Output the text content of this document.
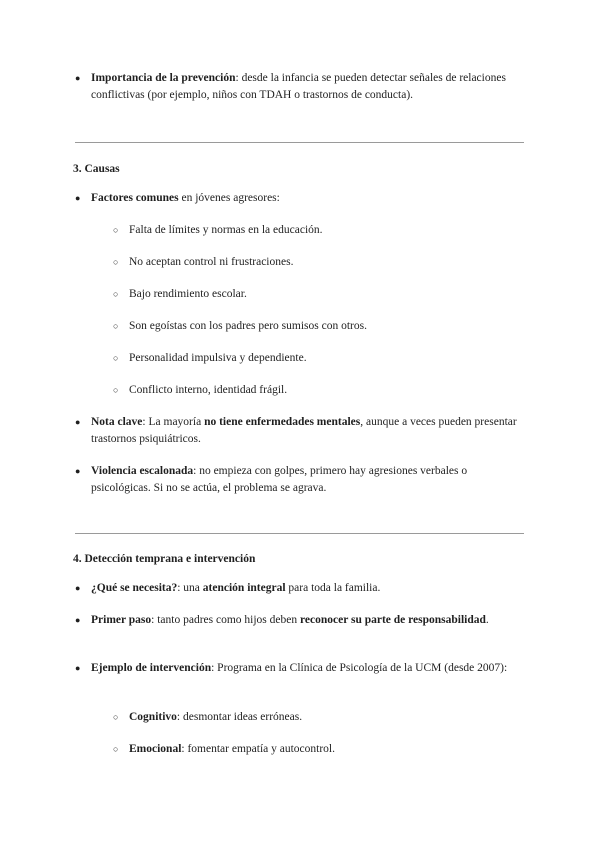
● Importancia de la prevención: desde la infancia se pueden detectar señales de relaciones conflictivas (por ejemplo, niños con TDAH o trastornos de conducta).
3. Causas
● Factores comunes en jóvenes agresores:
○ Falta de límites y normas en la educación.
○ No aceptan control ni frustraciones.
○ Bajo rendimiento escolar.
○ Son egoístas con los padres pero sumisos con otros.
○ Personalidad impulsiva y dependiente.
○ Conflicto interno, identidad frágil.
● Nota clave: La mayoría no tiene enfermedades mentales, aunque a veces pueden presentar trastornos psiquiátricos.
● Violencia escalonada: no empieza con golpes, primero hay agresiones verbales o psicológicas. Si no se actúa, el problema se agrava.
4. Detección temprana e intervención
● ¿Qué se necesita?: una atención integral para toda la familia.
● Primer paso: tanto padres como hijos deben reconocer su parte de responsabilidad.
● Ejemplo de intervención: Programa en la Clínica de Psicología de la UCM (desde 2007):
○ Cognitivo: desmontar ideas erróneas.
○ Emocional: fomentar empatía y autocontrol.
